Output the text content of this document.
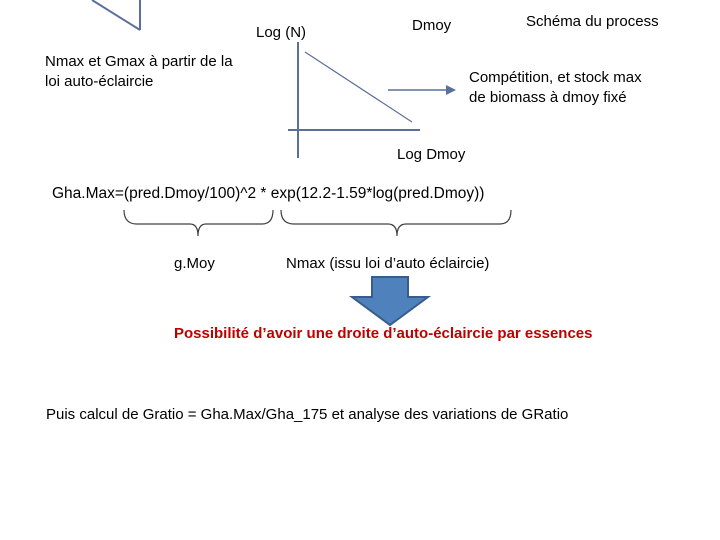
Schéma du process
Log (N)	Dmoy
Nmax et Gmax à partir de la
loi auto-éclaircie	Compétition, et stock max
de biomass à dmoy fixé
Log Dmoy
Gha.Max=(pred.Dmoy/100)^2 * exp(12.2-1.59*log(pred.Dmoy))
g.Moy	Nmax (issu loi d’auto éclaircie)
Possibilité d’avoir une droite d’auto-éclaircie par essences
Puis calcul de Gratio = Gha.Max/Gha_175 et analyse des variations de GRatio
